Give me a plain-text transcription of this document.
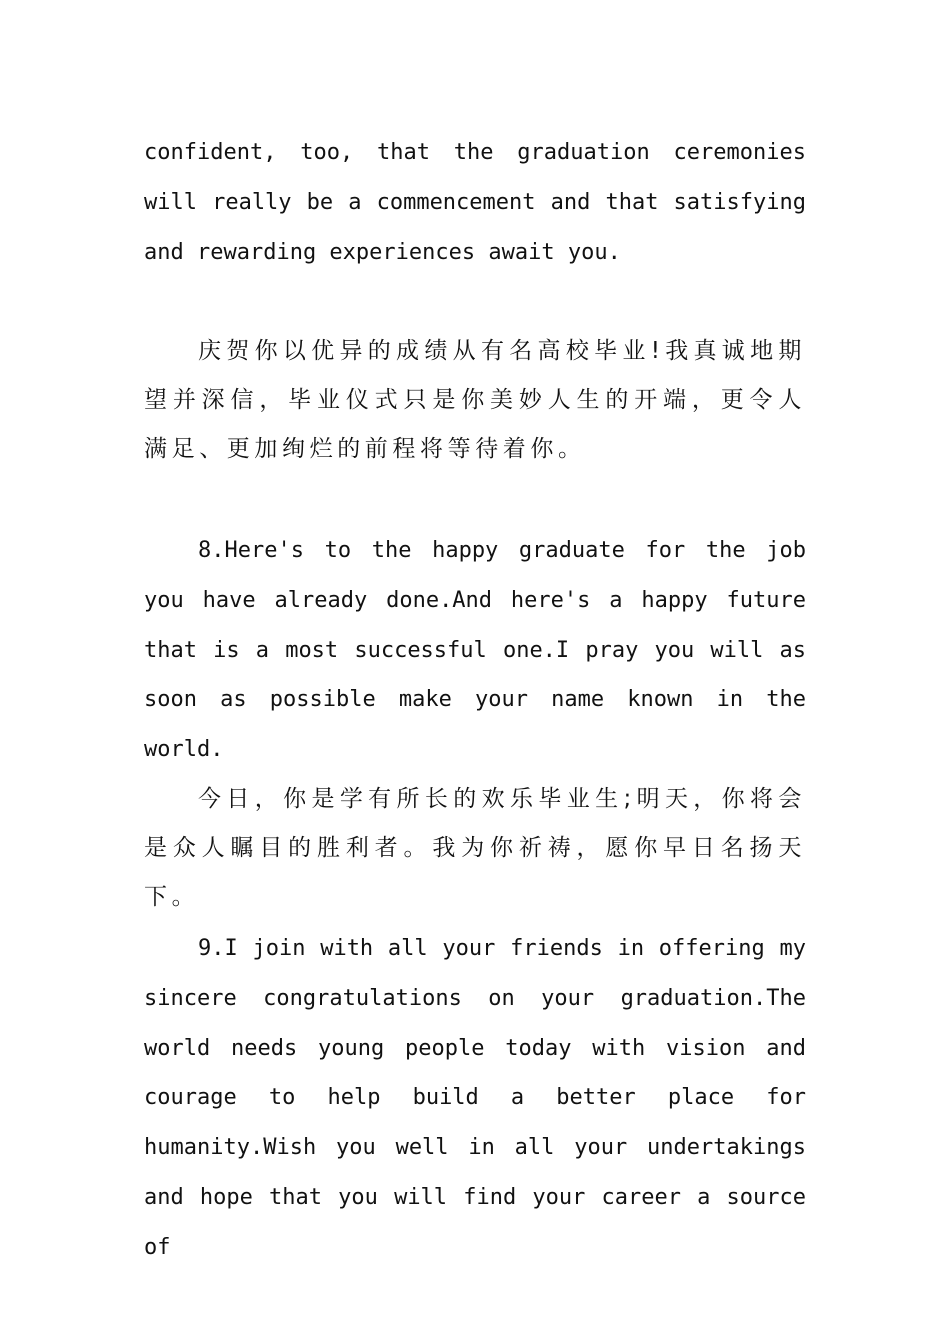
confident, too, that the graduation ceremonies will really be a commencement and that satisfying and rewarding experiences await you.

庆贺你以优异的成绩从有名高校毕业!我真诚地期望并深信，毕业仪式只是你美妙人生的开端，更令人满足、更加绚烂的前程将等待着你。

8.Here's to the happy graduate for the job you have already done.And here's a happy future that is a most successful one.I pray you will as soon as possible make your name known in the world.

今日，你是学有所长的欢乐毕业生;明天，你将会是众人瞩目的胜利者。我为你祈祷，愿你早日名扬天下。

9.I join with all your friends in offering my sincere congratulations on your graduation.The world needs young people today with vision and courage to help build a better place for humanity.Wish you well in all your undertakings and hope that you will find your career a source of
